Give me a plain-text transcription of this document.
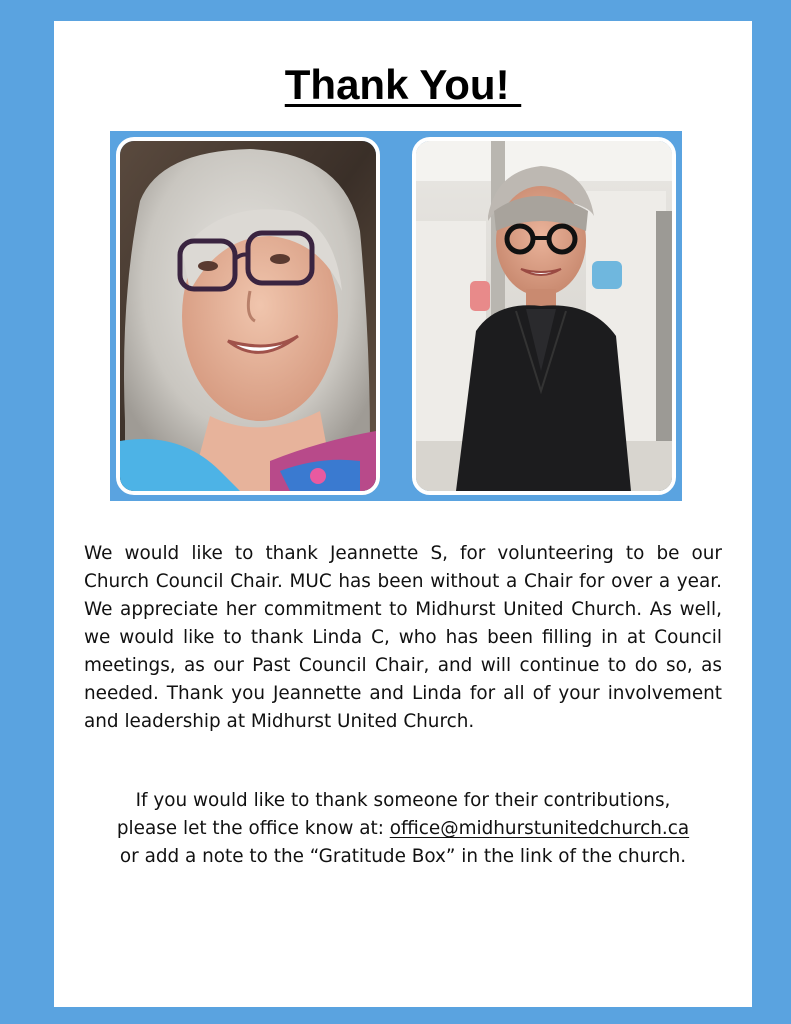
Thank You!

We would like to thank Jeannette S, for volunteering to be our Church Council Chair. MUC has been without a Chair for over a year. We appreciate her commitment to Midhurst United Church. As well, we would like to thank Linda C, who has been filling in at Council meetings, as our Past Council Chair, and will continue to do so, as needed. Thank you Jeannette and Linda for all of your involvement and leadership at Midhurst United Church.

If you would like to thank someone for their contributions,
please let the office know at: office@midhurstunitedchurch.ca
or add a note to the “Gratitude Box” in the link of the church.
